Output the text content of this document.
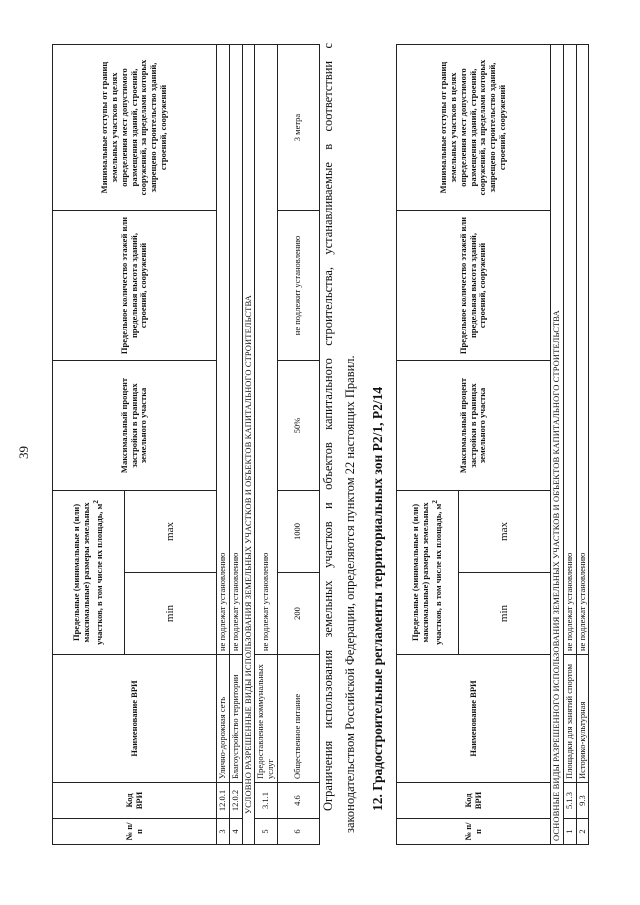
39
№ п/п	Код ВРИ	Наименование ВРИ	Предельные (минимальные и (или) максимальные) размеры земельных участков, в том числе их площадь, $м^2$		Максимальный процент застройки в границах земельного участка	Предельное количество этажей или предельная высота зданий, строений, сооружений	Минимальные отступы от границ земельных участков в целях определения мест допустимого размещения зданий, строений, сооружений, за пределами которых запрещено строительство зданий, строений, сооружений
			min	max			
3	12.0.1	Улично-дорожная сеть	не подлежат установлению				
4	12.0.2	Благоустройство территории	не подлежат установлению				
УСЛОВНО РАЗРЕШЕННЫЕ ВИДЫ ИСПОЛЬЗОВАНИЯ ЗЕМЕЛЬНЫХ УЧАСТКОВ И ОБЪЕКТОВ КАПИТАЛЬНОГО СТРОИТЕЛЬСТВА							
5	3.1.1	Предоставление коммунальных услуг	не подлежат установлению				
6	4.6	Общественное питание	200	1000	50%	не подлежит установлению	3 метра Ограничения использования земельных участков и объектов капитального строительства, устанавливаемые в соответствии с законодательством Российской Федерации, определяются пунктом 22 настоящих Правил. 12. Градостроительные регламенты территориальных зон Р2/1, Р2/14
№ п/п	Код ВРИ	Наименование ВРИ	Предельные (минимальные и (или) максимальные) размеры земельных участков, в том числе их площадь, $м^2$		Максимальный процент застройки в границах земельного участка	Предельное количество этажей или предельная высота зданий, строений, сооружений	Минимальные отступы от границ земельных участков в целях определения мест допустимого размещения зданий, строений, сооружений, за пределами которых запрещено строительство зданий, строений, сооружений
			min	max			
ОСНОВНЫЕ ВИДЫ РАЗРЕШЕННОГО ИСПОЛЬЗОВАНИЯ ЗЕМЕЛЬНЫХ УЧАСТКОВ И ОБЪЕКТОВ КАПИТАЛЬНОГО СТРОИТЕЛЬСТВА							
1	5.1.3	Площадки для занятий спортом	не подлежат установлению				
2	9.3	Историко-культурная	не подлежат установлению				
